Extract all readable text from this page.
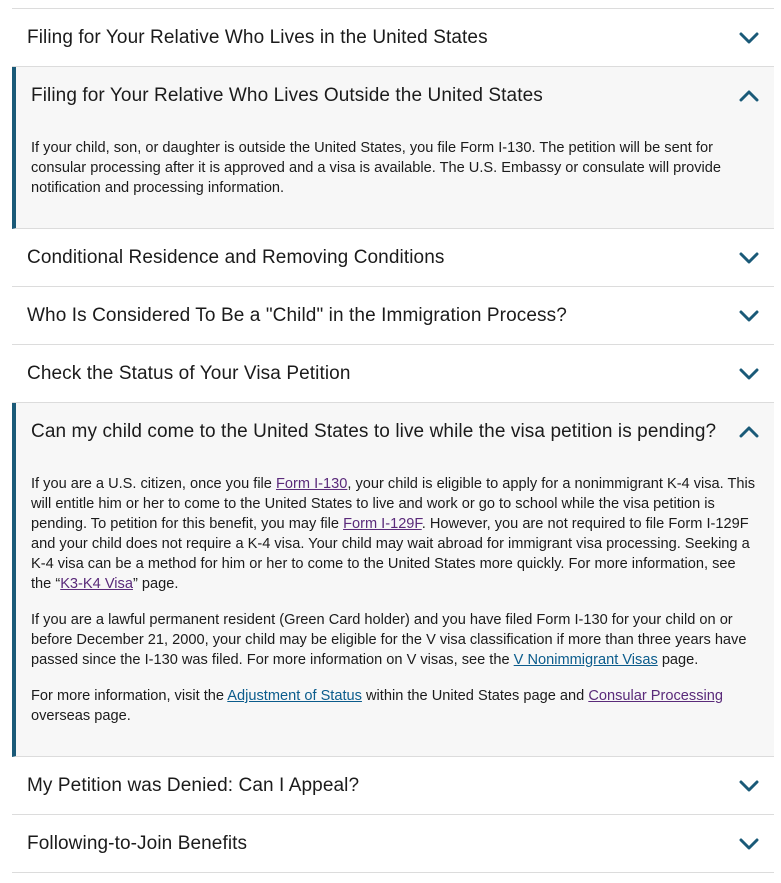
Filing for Your Relative Who Lives in the United States
Filing for Your Relative Who Lives Outside the United States

If your child, son, or daughter is outside the United States, you file Form I-130. The petition will be sent for consular processing after it is approved and a visa is available. The U.S. Embassy or consulate will provide notification and processing information.

Conditional Residence and Removing Conditions
Who Is Considered To Be a "Child" in the Immigration Process?
Check the Status of Your Visa Petition
Can my child come to the United States to live while the visa petition is pending?

If you are a U.S. citizen, once you file Form I-130, your child is eligible to apply for a nonimmigrant K-4 visa. This will entitle him or her to come to the United States to live and work or go to school while the visa petition is pending. To petition for this benefit, you may file Form I-129F. However, you are not required to file Form I-129F and your child does not require a K-4 visa. Your child may wait abroad for immigrant visa processing. Seeking a K-4 visa can be a method for him or her to come to the United States more quickly. For more information, see the “K3-K4 Visa” page.

If you are a lawful permanent resident (Green Card holder) and you have filed Form I-130 for your child on or before December 21, 2000, your child may be eligible for the V visa classification if more than three years have passed since the I-130 was filed. For more information on V visas, see the V Nonimmigrant Visas page.

For more information, visit the Adjustment of Status within the United States page and Consular Processing overseas page.

My Petition was Denied: Can I Appeal?
Following-to-Join Benefits
